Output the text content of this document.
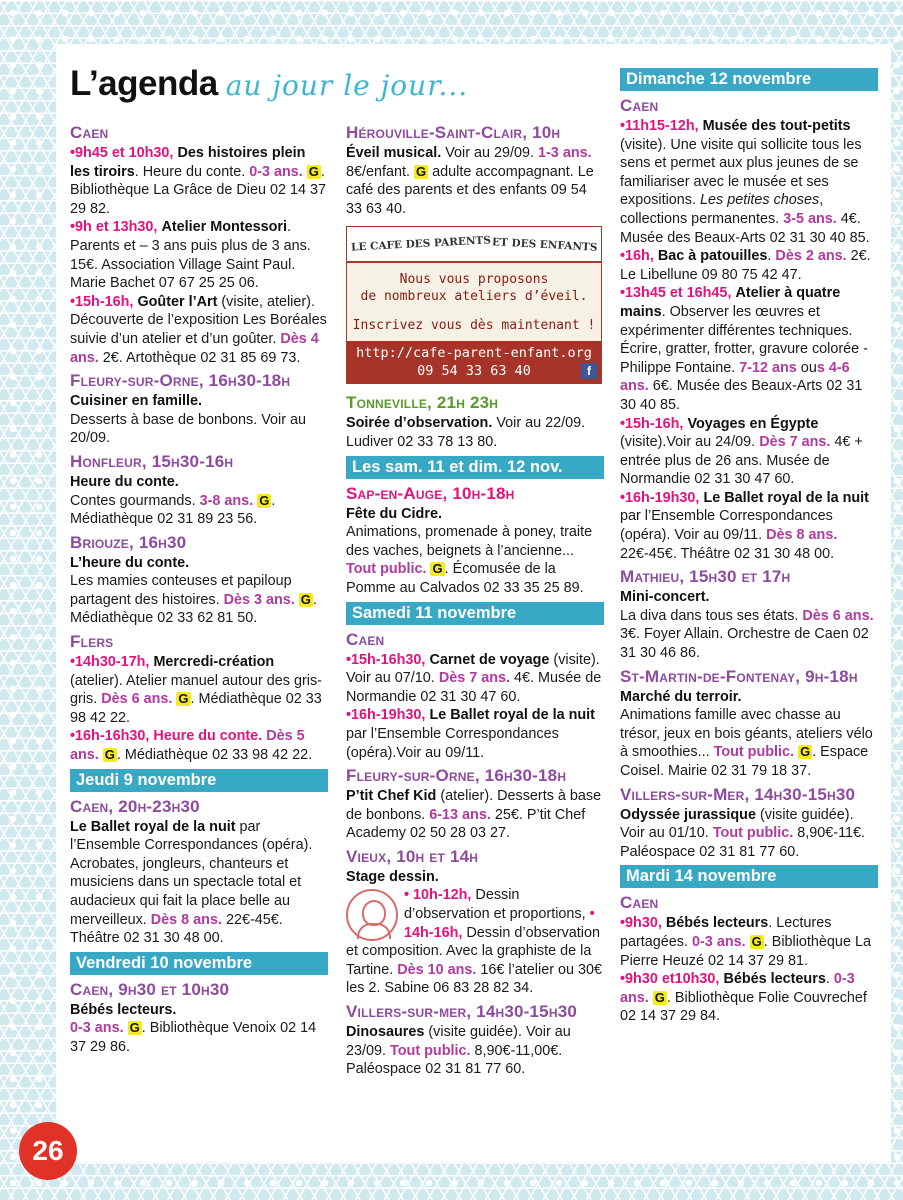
L’agenda au jour le jour...
Caen
•9h45 et 10h30, Des histoires plein les tiroirs. Heure du conte. 0-3 ans. G . Bibliothèque La Grâce de Dieu 02 14 37 29 82.
•9h et 13h30, Atelier Montessori. Parents et – 3 ans puis plus de 3 ans. 15€. Association Village Saint Paul. Marie Bachet 07 67 25 25 06.
•15h-16h, Goûter l’Art (visite, atelier). Découverte de l’exposition Les Boréales suivie d’un atelier et d’un goûter. Dès 4 ans. 2€. Artothèque 02 31 85 69 73.
Fleury-sur-Orne, 16h30-18h
Cuisiner en famille.
Desserts à base de bonbons. Voir au 20/09.
Honfleur, 15h30-16h
Heure du conte.
Contes gourmands. 3-8 ans. G . Médiathèque 02 31 89 23 56.
Briouze, 16h30
L’heure du conte.
Les mamies conteuses et papiloup partagent des histoires. Dès 3 ans. G . Médiathèque 02 33 62 81 50.
Flers
•14h30-17h, Mercredi-création (atelier). Atelier manuel autour des gris-gris. Dès 6 ans. G . Médiathèque 02 33 98 42 22.
•16h-16h30, Heure du conte. Dès 5 ans. G . Médiathèque 02 33 98 42 22.
Jeudi 9 novembre
Caen, 20h-23h30
Le Ballet royal de la nuit par l’Ensemble Correspondances (opéra). Acrobates, jongleurs, chanteurs et musiciens dans un spectacle total et audacieux qui fait la place belle au merveilleux. Dès 8 ans. 22€-45€. Théâtre 02 31 30 48 00.
Vendredi 10 novembre
Caen, 9h30 et 10h30
Bébés lecteurs.
0-3 ans. G . Bibliothèque Venoix 02 14 37 29 86.
Hérouville-Saint-Clair, 10h
Éveil musical. Voir au 29/09. 1-3 ans. 8€/enfant. G adulte accompagnant. Le café des parents et des enfants 09 54 33 63 40.
LE CAFE DES PARENTS ET DES ENFANTS
Nous vous proposons
de nombreux ateliers d’éveil.
Inscrivez vous dès maintenant !
http://cafe-parent-enfant.org
09 54 33 63 40	f
Tonneville, 21h 23h
Soirée d’observation. Voir au 22/09. Ludiver 02 33 78 13 80.
Les sam. 11 et dim. 12 nov.
Sap-en-Auge, 10h-18h
Fête du Cidre.
Animations, promenade à poney, traite des vaches, beignets à l’ancienne... Tout public. G . Écomusée de la Pomme au Calvados 02 33 35 25 89.
Samedi 11 novembre
Caen
•15h-16h30, Carnet de voyage (visite). Voir au 07/10. Dès 7 ans. 4€. Musée de Normandie 02 31 30 47 60.
•16h-19h30, Le Ballet royal de la nuit par l’Ensemble Correspondances (opéra).Voir au 09/11.
Fleury-sur-Orne, 16h30-18h
P’tit Chef Kid (atelier). Desserts à base de bonbons. 6-13 ans. 25€. P’tit Chef Academy 02 50 28 03 27.
Vieux, 10h et 14h
Stage dessin.
• 10h-12h, Dessin d’observation et proportions, • 14h-16h, Dessin d’observation et composition. Avec la graphiste de la Tartine. Dès 10 ans. 16€ l’atelier ou 30€ les 2. Sabine 06 83 28 82 34.
Villers-sur-mer, 14h30-15h30
Dinosaures (visite guidée). Voir au 23/09. Tout public. 8,90€-11,00€. Paléospace 02 31 81 77 60.
Dimanche 12 novembre
Caen
•11h15-12h, Musée des tout-petits (visite). Une visite qui sollicite tous les sens et permet aux plus jeunes de se familiariser avec le musée et ses expositions. Les petites choses, collections permanentes. 3-5 ans. 4€. Musée des Beaux-Arts 02 31 30 40 85.
•16h, Bac à patouilles. Dès 2 ans. 2€. Le Libellune 09 80 75 42 47.
•13h45 et 16h45, Atelier à quatre mains. Observer les œuvres et expérimenter différentes techniques. Écrire, gratter, frotter, gravure colorée - Philippe Fontaine. 7-12 ans ous 4-6 ans. 6€. Musée des Beaux-Arts 02 31 30 40 85.
•15h-16h, Voyages en Égypte (visite).Voir au 24/09. Dès 7 ans. 4€ + entrée plus de 26 ans. Musée de Normandie 02 31 30 47 60.
•16h-19h30, Le Ballet royal de la nuit par l’Ensemble Correspondances (opéra). Voir au 09/11. Dès 8 ans. 22€-45€. Théâtre 02 31 30 48 00.
Mathieu, 15h30 et 17h
Mini-concert.
La diva dans tous ses états. Dès 6 ans. 3€. Foyer Allain. Orchestre de Caen 02 31 30 46 86.
St-Martin-de-Fontenay, 9h-18h
Marché du terroir.
Animations famille avec chasse au trésor, jeux en bois géants, ateliers vélo à smoothies... Tout public. G . Espace Coisel. Mairie 02 31 79 18 37.
Villers-sur-Mer, 14h30-15h30
Odyssée jurassique (visite guidée). Voir au 01/10. Tout public. 8,90€-11€. Paléospace 02 31 81 77 60.
Mardi 14 novembre
Caen
•9h30, Bébés lecteurs. Lectures partagées. 0-3 ans. G . Bibliothèque La Pierre Heuzé 02 14 37 29 81.
•9h30 et10h30, Bébés lecteurs. 0-3 ans. G . Bibliothèque Folie Couvrechef 02 14 37 29 84.
26
